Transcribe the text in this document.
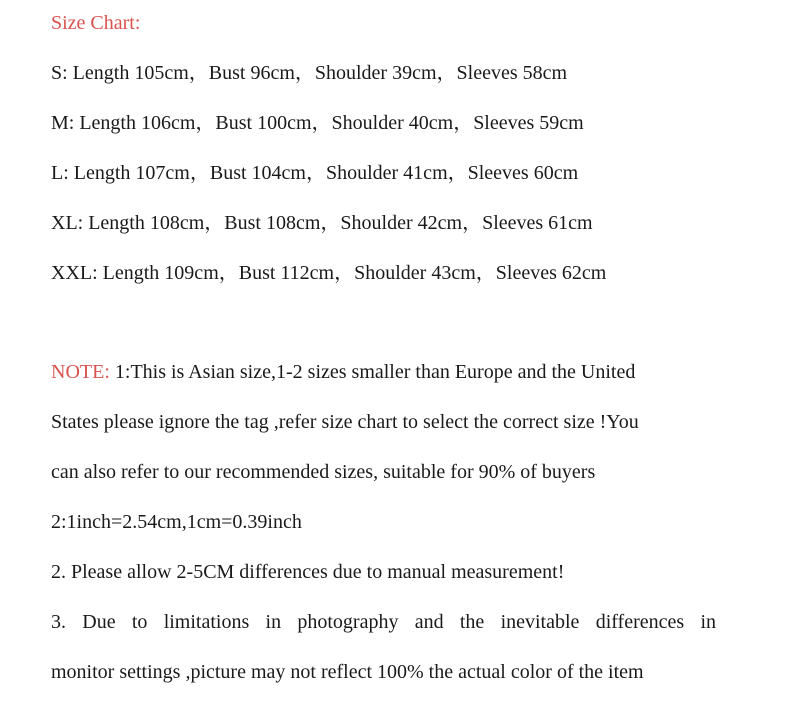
Size Chart:
S: Length 105cm，Bust 96cm，Shoulder 39cm，Sleeves 58cm
M: Length 106cm，Bust 100cm，Shoulder 40cm，Sleeves 59cm
L: Length 107cm，Bust 104cm，Shoulder 41cm，Sleeves 60cm
XL: Length 108cm，Bust 108cm，Shoulder 42cm，Sleeves 61cm
XXL: Length 109cm，Bust 112cm，Shoulder 43cm，Sleeves 62cm
NOTE: 1:This is Asian size,1-2 sizes smaller than Europe and the United
States please ignore the tag ,refer size chart to select the correct size !You
can also refer to our recommended sizes, suitable for 90% of buyers
2:1inch=2.54cm,1cm=0.39inch
2. Please allow 2-5CM differences due to manual measurement!
3. Due to limitations in photography and the inevitable differences in
monitor settings ,picture may not reflect 100% the actual color of the item
